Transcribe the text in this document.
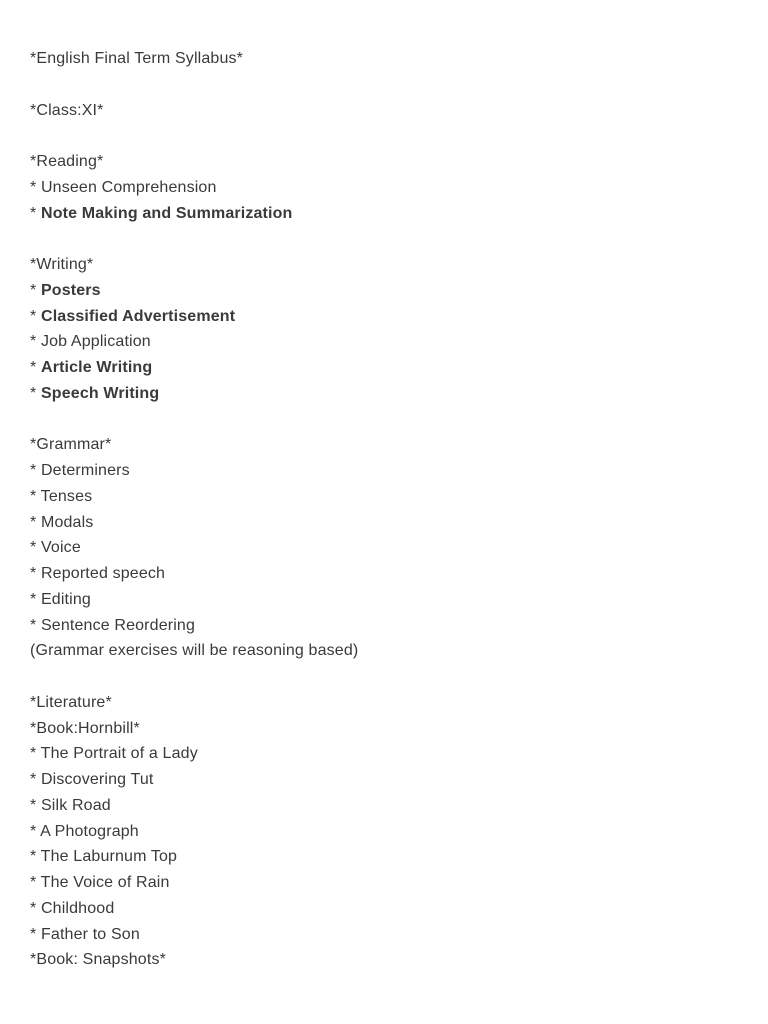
*English Final Term Syllabus*
*Class:XI*
*Reading*
* Unseen Comprehension
* Note Making and Summarization
*Writing*
* Posters
* Classified Advertisement
* Job Application
* Article Writing
* Speech Writing
*Grammar*
* Determiners
* Tenses
* Modals
* Voice
* Reported speech
* Editing
* Sentence Reordering
(Grammar exercises will be reasoning based)
*Literature*
*Book:Hornbill*
* The Portrait of a Lady
* Discovering Tut
* Silk Road
* A Photograph
* The Laburnum Top
* The Voice of Rain
* Childhood
* Father to Son
*Book: Snapshots*
